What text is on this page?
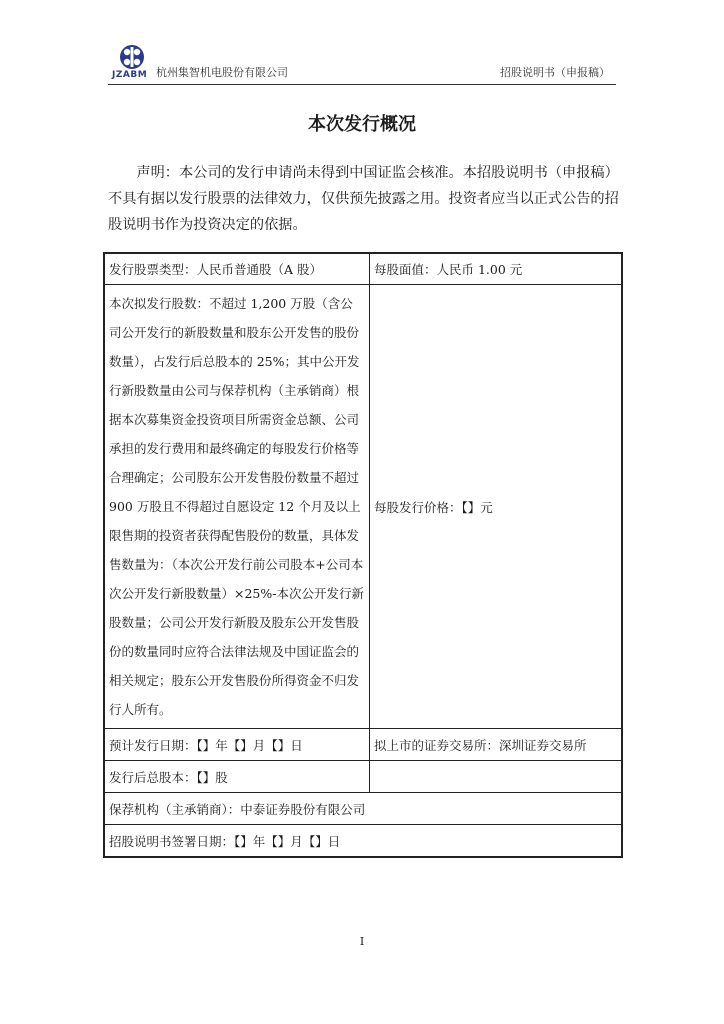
JZABM 杭州集智机电股份有限公司	招股说明书（申报稿）
本次发行概况

声明：本公司的发行申请尚未得到中国证监会核准。本招股说明书（申报稿）不具有据以发行股票的法律效力，仅供预先披露之用。投资者应当以正式公告的招股说明书作为投资决定的依据。

发行股票类型：人民币普通股（A 股）	每股面值：人民币 1.00 元
本次拟发行股数：不超过 1,200 万股（含公司公开发行的新股数量和股东公开发售的股份数量），占发行后总股本的 25%；其中公开发行新股数量由公司与保荐机构（主承销商）根据本次募集资金投资项目所需资金总额、公司承担的发行费用和最终确定的每股发行价格等合理确定；公司股东公开发售股份数量不超过 900 万股且不得超过自愿设定 12 个月及以上限售期的投资者获得配售股份的数量，具体发售数量为：（本次公开发行前公司股本+公司本次公开发行新股数量）×25%-本次公开发行新股数量；公司公开发行新股及股东公开发售股份的数量同时应符合法律法规及中国证监会的相关规定；股东公开发售股份所得资金不归发行人所有。	每股发行价格：【】元
预计发行日期：【】年【】月【】日	拟上市的证券交易所：深圳证券交易所
发行后总股本：【】股	
保荐机构（主承销商）：中泰证券股份有限公司	
招股说明书签署日期：【】年【】月【】日	
I
